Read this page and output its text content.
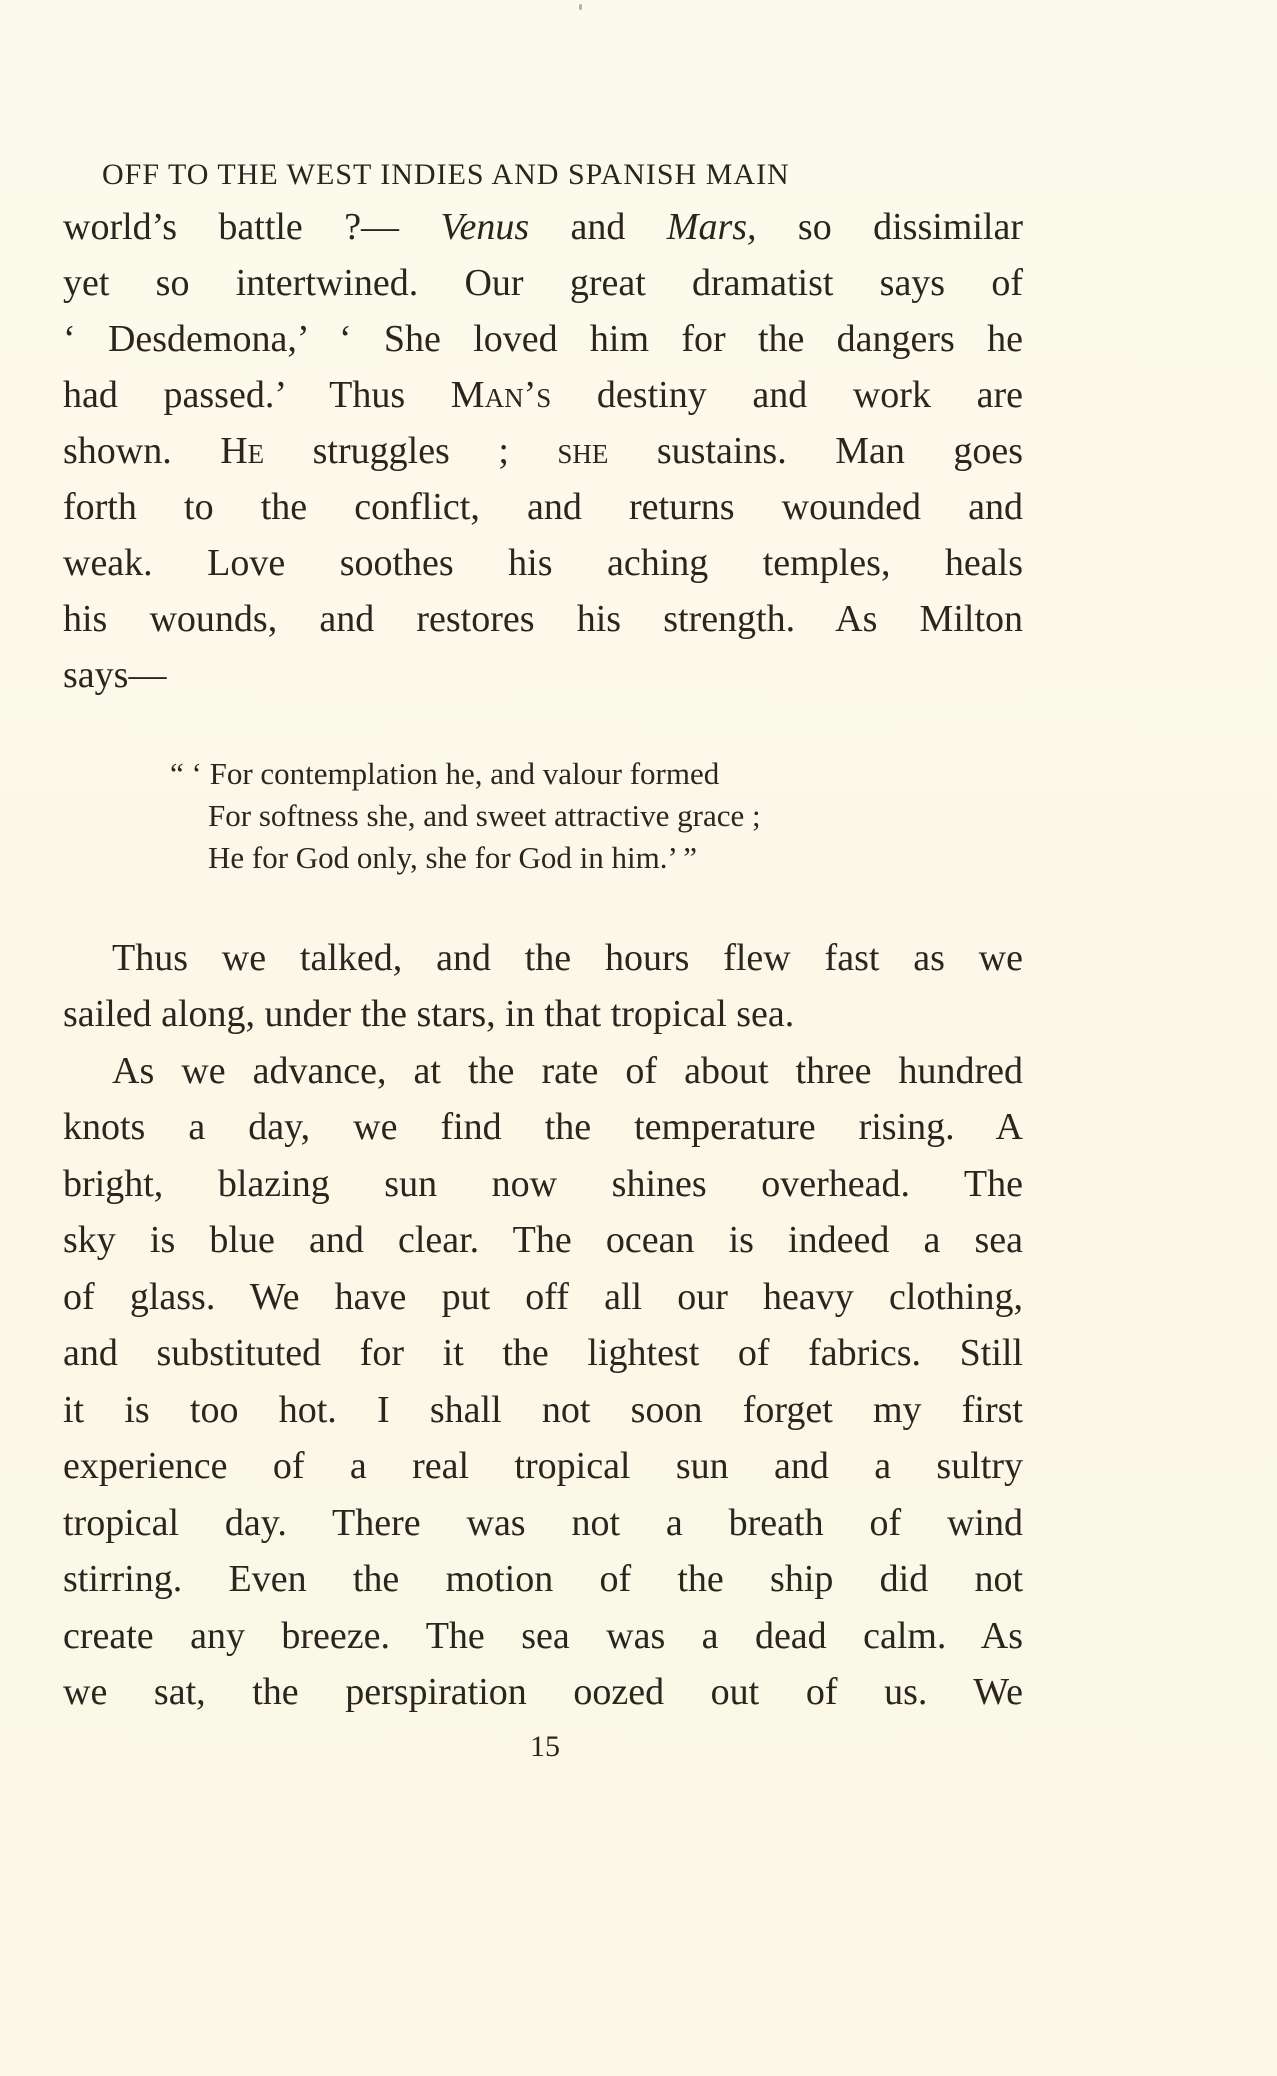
OFF TO THE WEST INDIES AND SPANISH MAIN
world’s battle ?— Venus and Mars, so dissimilar
yet so intertwined. Our great dramatist says of
‘ Desdemona,’ ‘ She loved him for the dangers he
had passed.’ Thus Man’s destiny and work are
shown. He struggles ; she sustains. Man goes
forth to the conflict, and returns wounded and
weak. Love soothes his aching temples, heals
his wounds, and restores his strength. As Milton
says—
“ ‘ For contemplation he, and valour formed
For softness she, and sweet attractive grace ;
He for God only, she for God in him.’ ”
Thus we talked, and the hours flew fast as we
sailed along, under the stars, in that tropical sea.
As we advance, at the rate of about three hundred
knots a day, we find the temperature rising. A
bright, blazing sun now shines overhead. The
sky is blue and clear. The ocean is indeed a sea
of glass. We have put off all our heavy clothing,
and substituted for it the lightest of fabrics. Still
it is too hot. I shall not soon forget my first
experience of a real tropical sun and a sultry
tropical day. There was not a breath of wind
stirring. Even the motion of the ship did not
create any breeze. The sea was a dead calm. As
we sat, the perspiration oozed out of us. We
15
